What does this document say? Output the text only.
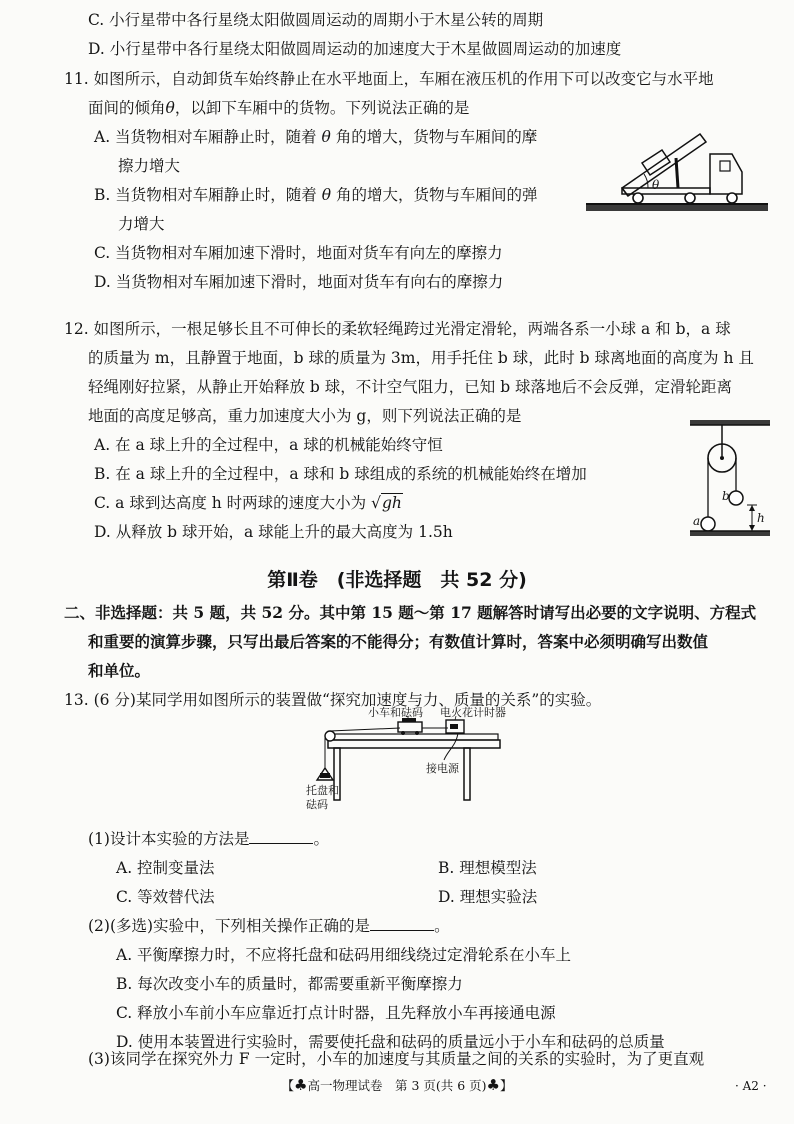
C. 小行星带中各行星绕太阳做圆周运动的周期小于木星公转的周期
D. 小行星带中各行星绕太阳做圆周运动的加速度大于木星做圆周运动的加速度
11. 如图所示，自动卸货车始终静止在水平地面上，车厢在液压机的作用下可以改变它与水平地
面间的倾角θ，以卸下车厢中的货物。下列说法正确的是
A. 当货物相对车厢静止时，随着 θ 角的增大，货物与车厢间的摩
擦力增大
B. 当货物相对车厢静止时，随着 θ 角的增大，货物与车厢间的弹
力增大
C. 当货物相对车厢加速下滑时，地面对货车有向左的摩擦力
D. 当货物相对车厢加速下滑时，地面对货车有向右的摩擦力
θ
12. 如图所示，一根足够长且不可伸长的柔软轻绳跨过光滑定滑轮，两端各系一小球 a 和 b，a 球
的质量为 m，且静置于地面，b 球的质量为 3m，用手托住 b 球，此时 b 球离地面的高度为 h 且
轻绳刚好拉紧，从静止开始释放 b 球，不计空气阻力，已知 b 球落地后不会反弹，定滑轮距离
地面的高度足够高，重力加速度大小为 g，则下列说法正确的是
A. 在 a 球上升的全过程中，a 球的机械能始终守恒
B. 在 a 球上升的全过程中，a 球和 b 球组成的系统的机械能始终在增加
C. a 球到达高度 h 时两球的速度大小为 √gh
D. 从释放 b 球开始，a 球能上升的最大高度为 1.5h
a
b
h
第Ⅱ卷　(非选择题　共 52 分)
二、非选择题：共 5 题，共 52 分。其中第 15 题～第 17 题解答时请写出必要的文字说明、方程式
和重要的演算步骤，只写出最后答案的不能得分；有数值计算时，答案中必须明确写出数值
和单位。
13. (6 分)某同学用如图所示的装置做“探究加速度与力、质量的关系”的实验。
小车和砝码 电火花计时器
接电源
托盘和
砝码
(1)设计本实验的方法是	。
A. 控制变量法	B. 理想模型法
C. 等效替代法	D. 理想实验法
(2)(多选)实验中，下列相关操作正确的是	。
A. 平衡摩擦力时，不应将托盘和砝码用细线绕过定滑轮系在小车上
B. 每次改变小车的质量时，都需要重新平衡摩擦力
C. 释放小车前小车应靠近打点计时器，且先释放小车再接通电源
D. 使用本装置进行实验时，需要使托盘和砝码的质量远小于小车和砝码的总质量
(3)该同学在探究外力 F 一定时，小车的加速度与其质量之间的关系的实验时，为了更直观
【♣高一物理试卷　第 3 页(共 6 页)♣】	· A2 ·
